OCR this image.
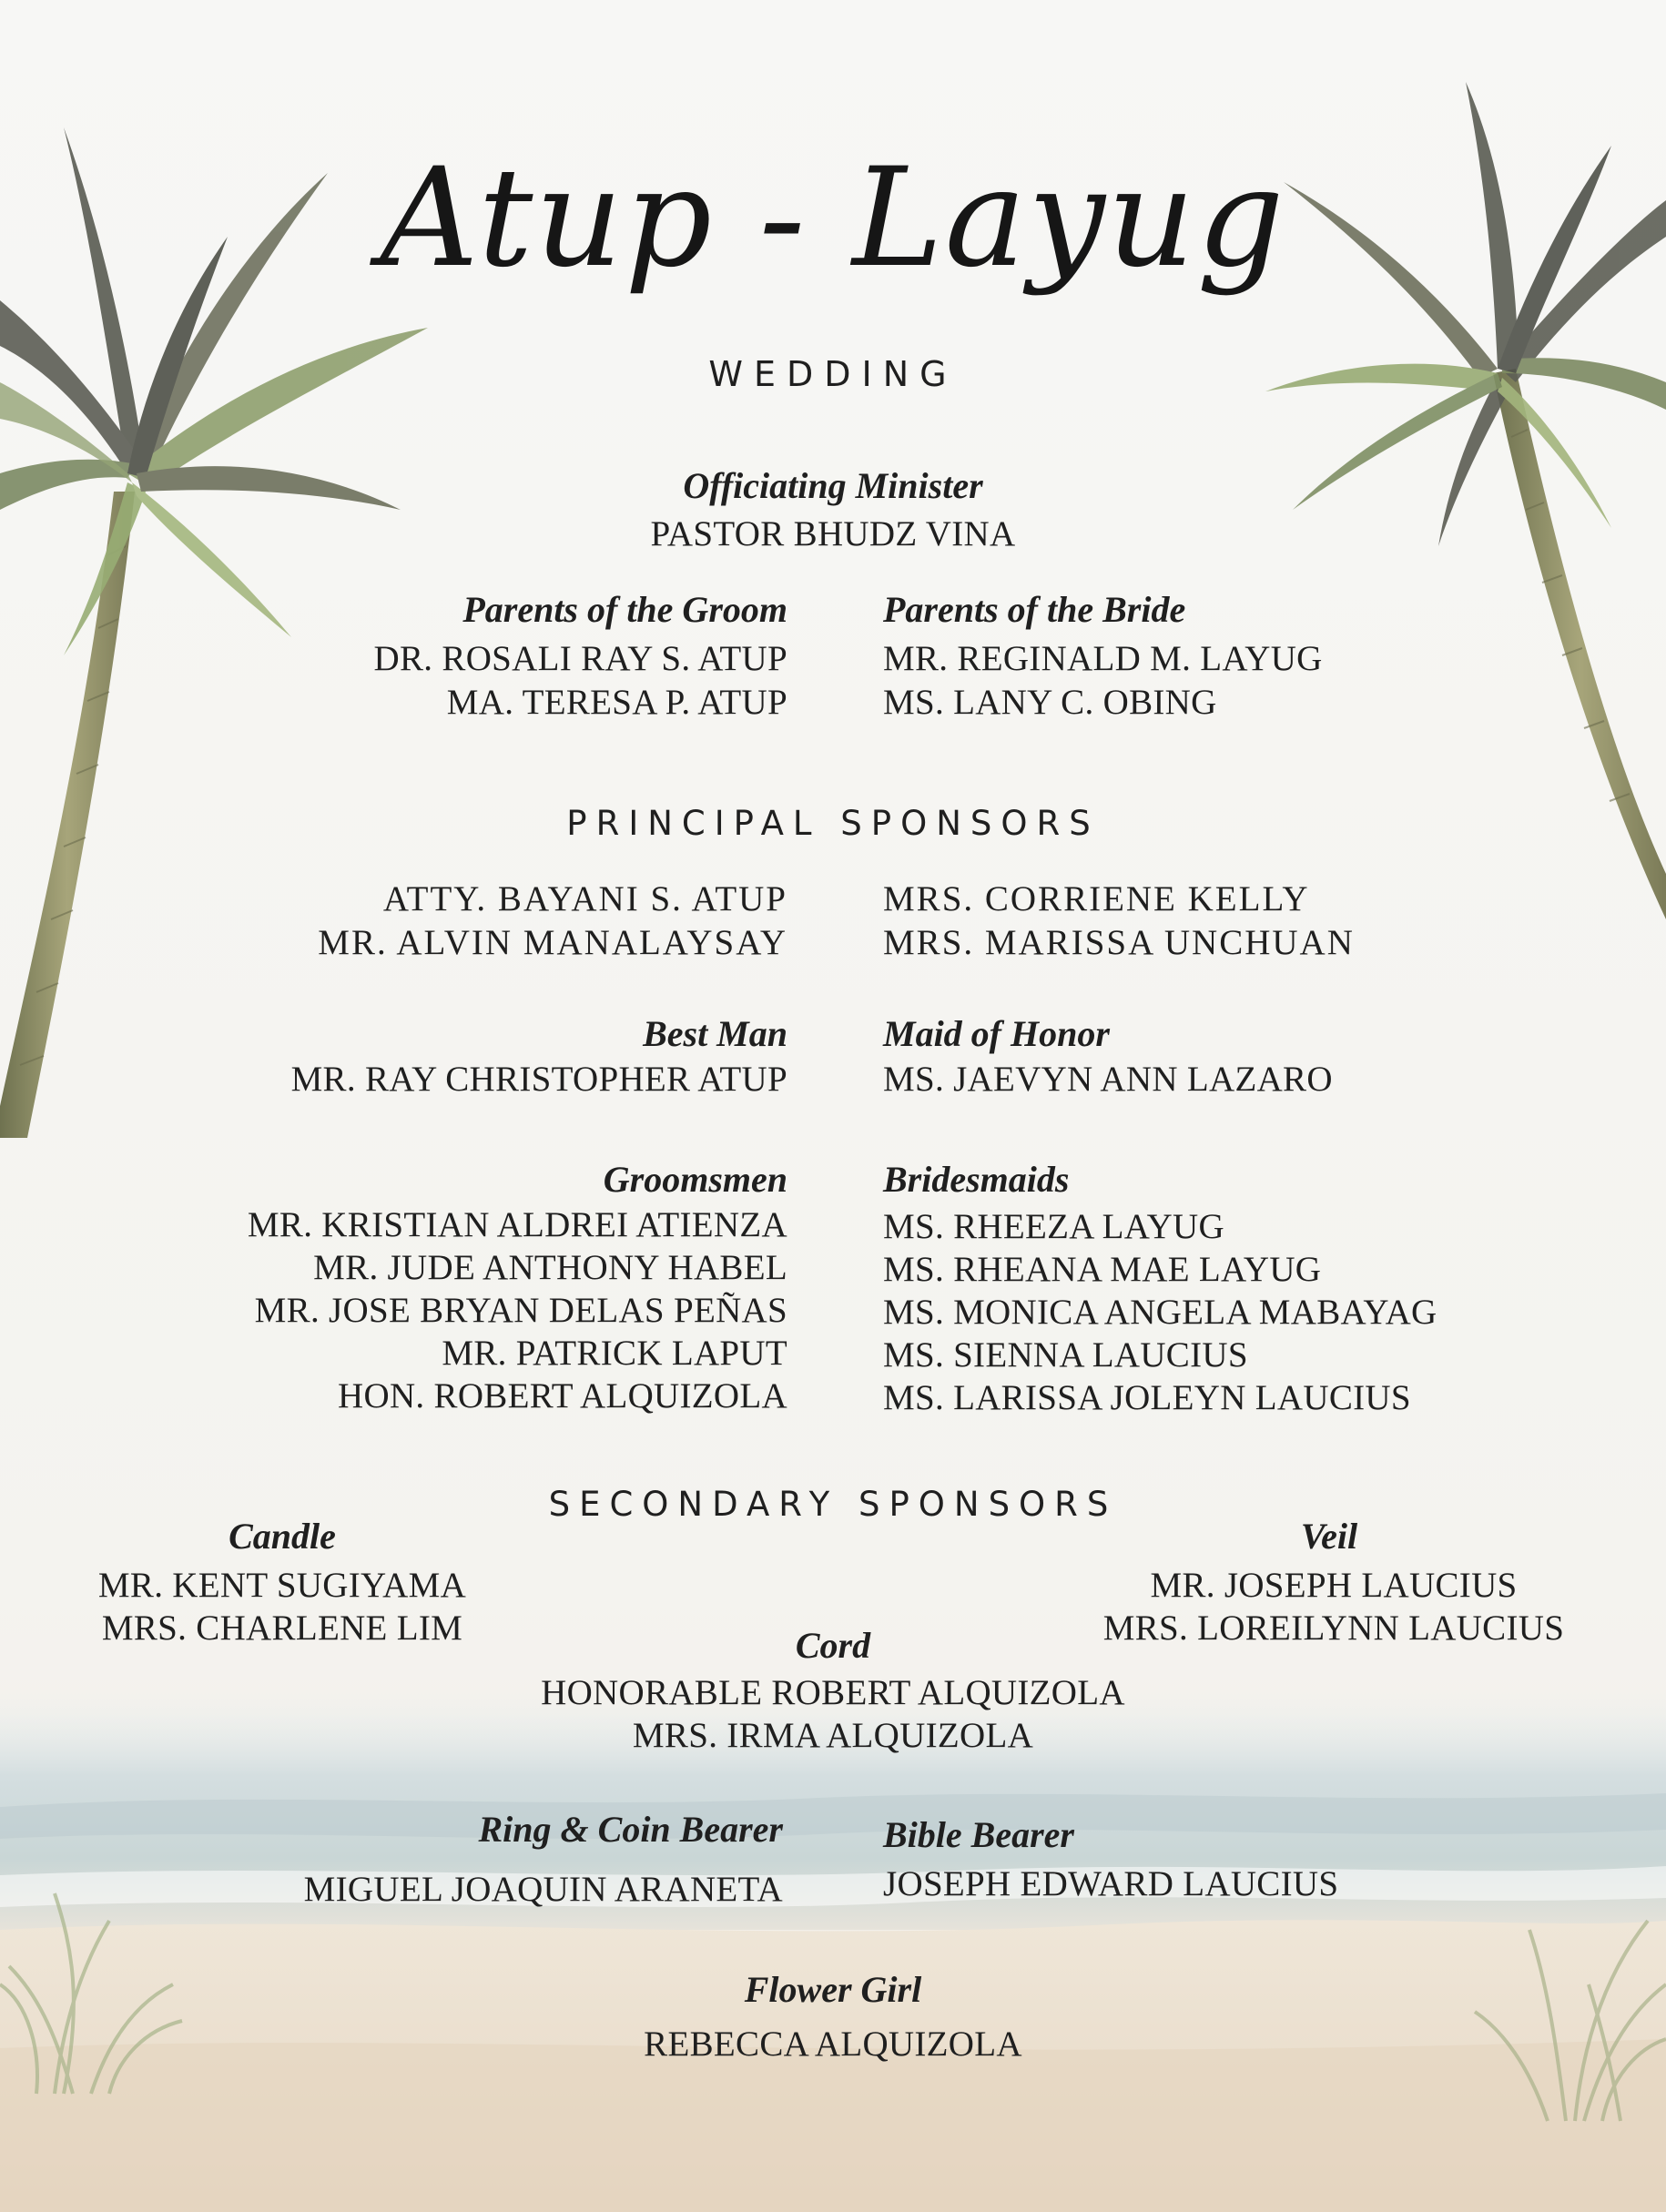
Atup - Layug
WEDDING
Officiating Minister
PASTOR BHUDZ VINA
Parents of the Groom
DR. ROSALI RAY S. ATUP
MA. TERESA P. ATUP
Parents of the Bride
MR. REGINALD M. LAYUG
MS. LANY C. OBING
PRINCIPAL SPONSORS
ATTY. BAYANI S. ATUP
MR. ALVIN MANALAYSAY
MRS. CORRIENE KELLY
MRS. MARISSA UNCHUAN
Best Man
MR. RAY CHRISTOPHER ATUP
Maid of Honor
MS. JAEVYN ANN LAZARO
Groomsmen
MR. KRISTIAN ALDREI ATIENZA
MR. JUDE ANTHONY HABEL
MR. JOSE BRYAN DELAS PEÑAS
MR. PATRICK LAPUT
HON. ROBERT ALQUIZOLA
Bridesmaids
MS. RHEEZA LAYUG
MS. RHEANA MAE LAYUG
MS. MONICA ANGELA MABAYAG
MS. SIENNA LAUCIUS
MS. LARISSA JOLEYN LAUCIUS
SECONDARY SPONSORS
Candle
MR. KENT SUGIYAMA
MRS. CHARLENE LIM
Veil
MR. JOSEPH LAUCIUS
MRS. LOREILYNN LAUCIUS
Cord
HONORABLE ROBERT ALQUIZOLA
MRS. IRMA ALQUIZOLA
Ring & Coin Bearer
MIGUEL JOAQUIN ARANETA
Bible Bearer
JOSEPH EDWARD LAUCIUS
Flower Girl
REBECCA ALQUIZOLA
